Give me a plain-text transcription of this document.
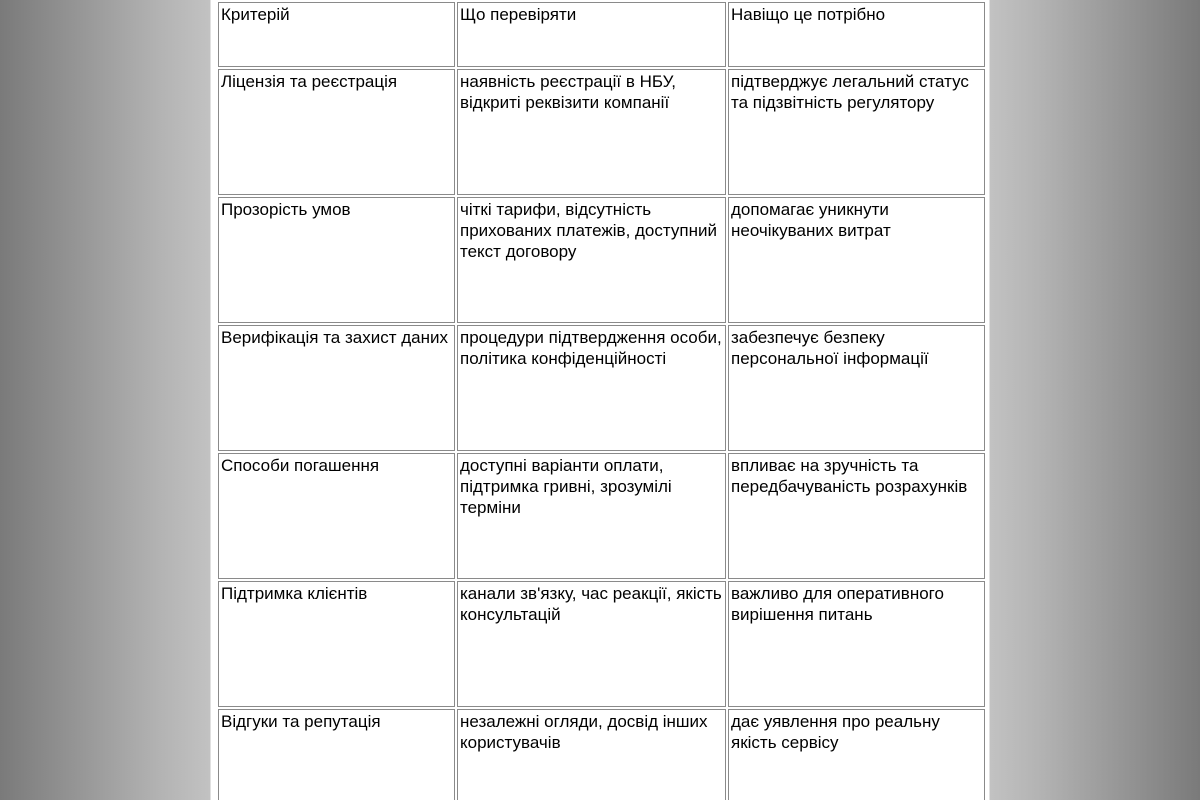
Критерій	Що перевіряти	Навіщо це потрібно
Ліцензія та реєстрація	наявність реєстрації в НБУ, відкриті реквізити компанії	підтверджує легальний статус та підзвітність регулятору
Прозорість умов	чіткі тарифи, відсутність прихованих платежів, доступний текст договору	допомагає уникнути неочікуваних витрат
Верифікація та захист даних	процедури підтвердження особи, політика конфіденційності	забезпечує безпеку персональної інформації
Способи погашення	доступні варіанти оплати, підтримка гривні, зрозумілі терміни	впливає на зручність та передбачуваність розрахунків
Підтримка клієнтів	канали зв'язку, час реакції, якість консультацій	важливо для оперативного вирішення питань
Відгуки та репутація	незалежні огляди, досвід інших користувачів	дає уявлення про реальну якість сервісу
